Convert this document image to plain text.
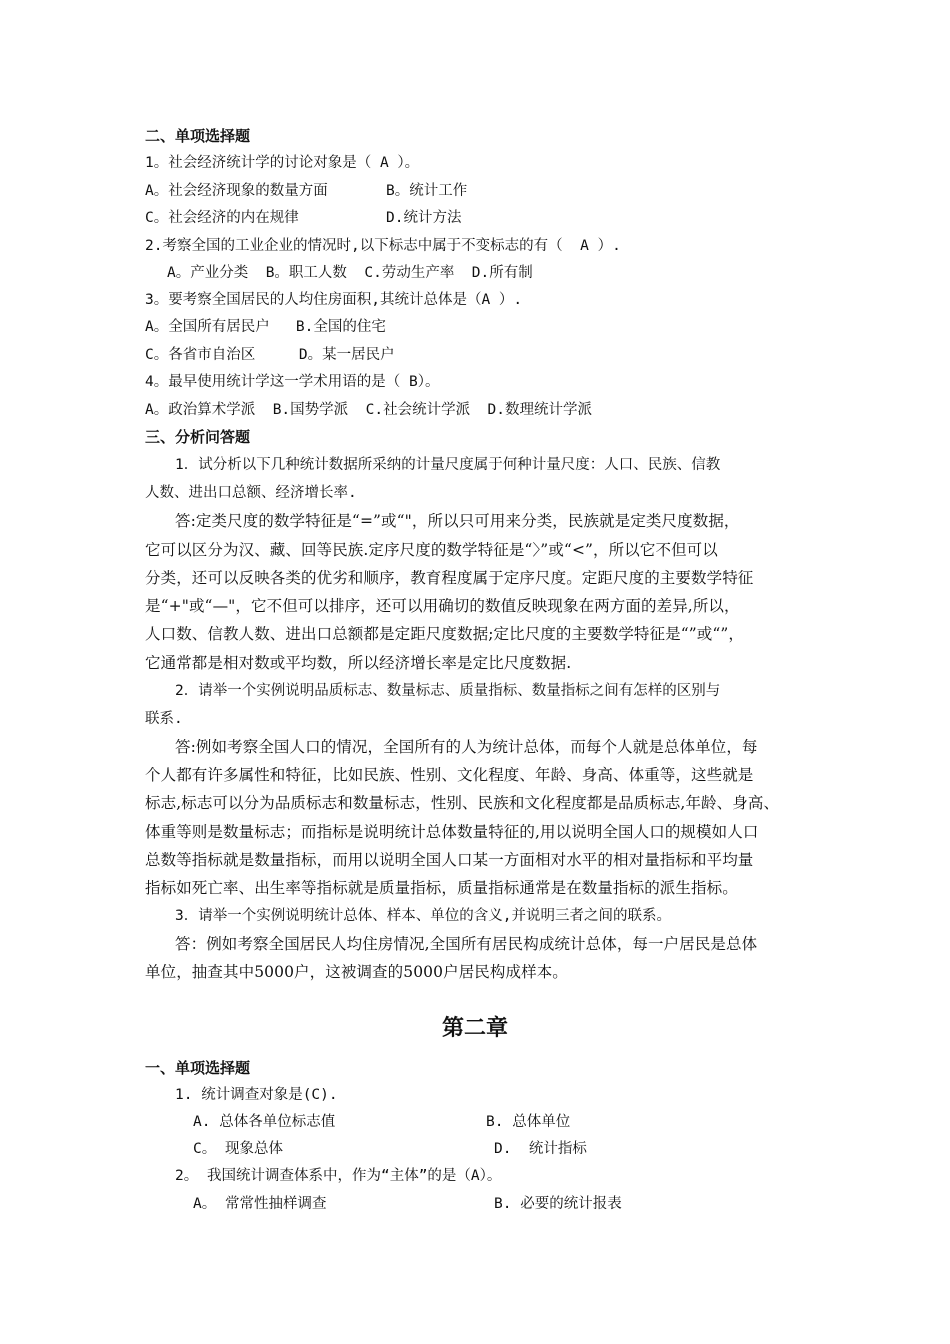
二、单项选择题
1。社会经济统计学的讨论对象是（ A ）。
A。社会经济现象的数量方面	B。统计工作
C。社会经济的内在规律	D.统计方法
2.考察全国的工业企业的情况时,以下标志中属于不变标志的有（  A ）.
A。产业分类  B。职工人数  C.劳动生产率  D.所有制
3。要考察全国居民的人均住房面积,其统计总体是（A ）.
A。全国所有居民户   B.全国的住宅
C。各省市自治区     D。某一居民户
4。最早使用统计学这一学术用语的是（ B）。
A。政治算术学派  B.国势学派  C.社会统计学派  D.数理统计学派
三、分析问答题
1．试分析以下几种统计数据所采纳的计量尺度属于何种计量尺度：人口、民族、信教
人数、进出口总额、经济增长率.
答:定类尺度的数学特征是“=”或“"，所以只可用来分类，民族就是定类尺度数据，
它可以区分为汉、藏、回等民族.定序尺度的数学特征是“〉”或“<”，所以它不但可以
分类，还可以反映各类的优劣和顺序，教育程度属于定序尺度。定距尺度的主要数学特征
是“+"或“—"，它不但可以排序，还可以用确切的数值反映现象在两方面的差异,所以，
人口数、信教人数、进出口总额都是定距尺度数据;定比尺度的主要数学特征是“”或“”，
它通常都是相对数或平均数，所以经济增长率是定比尺度数据.
2．请举一个实例说明品质标志、数量标志、质量指标、数量指标之间有怎样的区别与
联系.
答:例如考察全国人口的情况，全国所有的人为统计总体，而每个人就是总体单位，每
个人都有许多属性和特征，比如民族、性别、文化程度、年龄、身高、体重等，这些就是
标志,标志可以分为品质标志和数量标志，性别、民族和文化程度都是品质标志,年龄、身高、
体重等则是数量标志；而指标是说明统计总体数量特征的,用以说明全国人口的规模如人口
总数等指标就是数量指标，而用以说明全国人口某一方面相对水平的相对量指标和平均量
指标如死亡率、出生率等指标就是质量指标，质量指标通常是在数量指标的派生指标。
3．请举一个实例说明统计总体、样本、单位的含义,并说明三者之间的联系。
答：例如考察全国居民人均住房情况,全国所有居民构成统计总体，每一户居民是总体
单位，抽查其中5000户，这被调查的5000户居民构成样本。
第二章
一、单项选择题
1. 统计调查对象是(C).
A. 总体各单位标志值	B. 总体单位
C。 现象总体	D.  统计指标
2。 我国统计调查体系中，作为“主体”的是（A）。
A。 常常性抽样调查	B. 必要的统计报表
